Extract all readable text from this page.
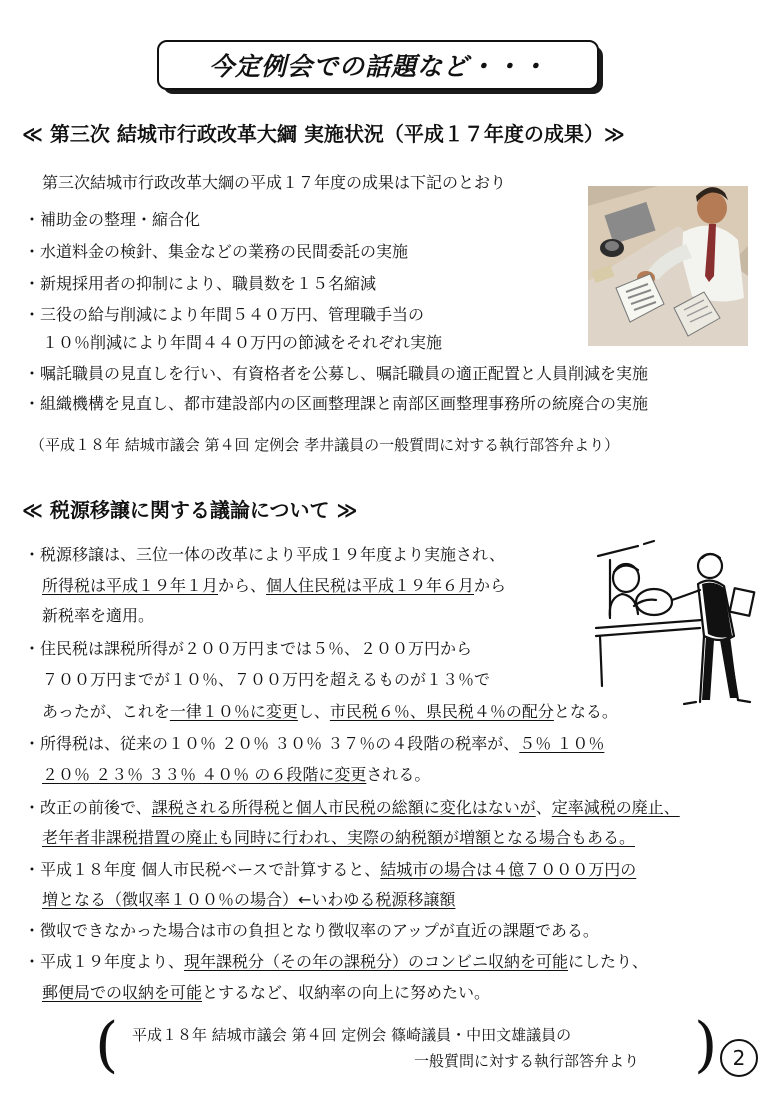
今定例会での話題など・・・
≪ 第三次 結城市行政改革大綱 実施状況（平成１７年度の成果）≫
第三次結城市行政改革大綱の平成１７年度の成果は下記のとおり
・補助金の整理・縮合化
・水道料金の検針、集金などの業務の民間委託の実施
・新規採用者の抑制により、職員数を１５名縮減
・三役の給与削減により年間５４０万円、管理職手当の
１０％削減により年間４４０万円の節減をそれぞれ実施
・嘱託職員の見直しを行い、有資格者を公募し、嘱託職員の適正配置と人員削減を実施
・組織機構を見直し、都市建設部内の区画整理課と南部区画整理事務所の統廃合の実施
（平成１８年 結城市議会 第４回 定例会 孝井議員の一般質問に対する執行部答弁より）
≪ 税源移譲に関する議論について ≫
・税源移譲は、三位一体の改革により平成１９年度より実施され、
所得税は平成１９年１月から、個人住民税は平成１９年６月から
新税率を適用。
・住民税は課税所得が２００万円までは５％、２００万円から
７００万円までが１０％、７００万円を超えるものが１３％で
あったが、これを一律１０％に変更し、市民税６％、県民税４％の配分となる。
・所得税は、従来の１０％ ２０％ ３０％ ３７％の４段階の税率が、５％ １０％
２０％ ２３％ ３３％ ４０％ の６段階に変更される。
・改正の前後で、課税される所得税と個人市民税の総額に変化はないが、定率減税の廃止、
老年者非課税措置の廃止も同時に行われ、実際の納税額が増額となる場合もある。
・平成１８年度 個人市民税ベースで計算すると、結城市の場合は４億７０００万円の
増となる（徴収率１００％の場合）←いわゆる税源移譲額
・徴収できなかった場合は市の負担となり徴収率のアップが直近の課題である。
・平成１９年度より、現年課税分（その年の課税分）のコンビニ収納を可能にしたり、
郵便局での収納を可能とするなど、収納率の向上に努めたい。
( 平成１８年 結城市議会 第４回 定例会 篠崎議員・中田文雄議員の
一般質問に対する執行部答弁より ) 2
